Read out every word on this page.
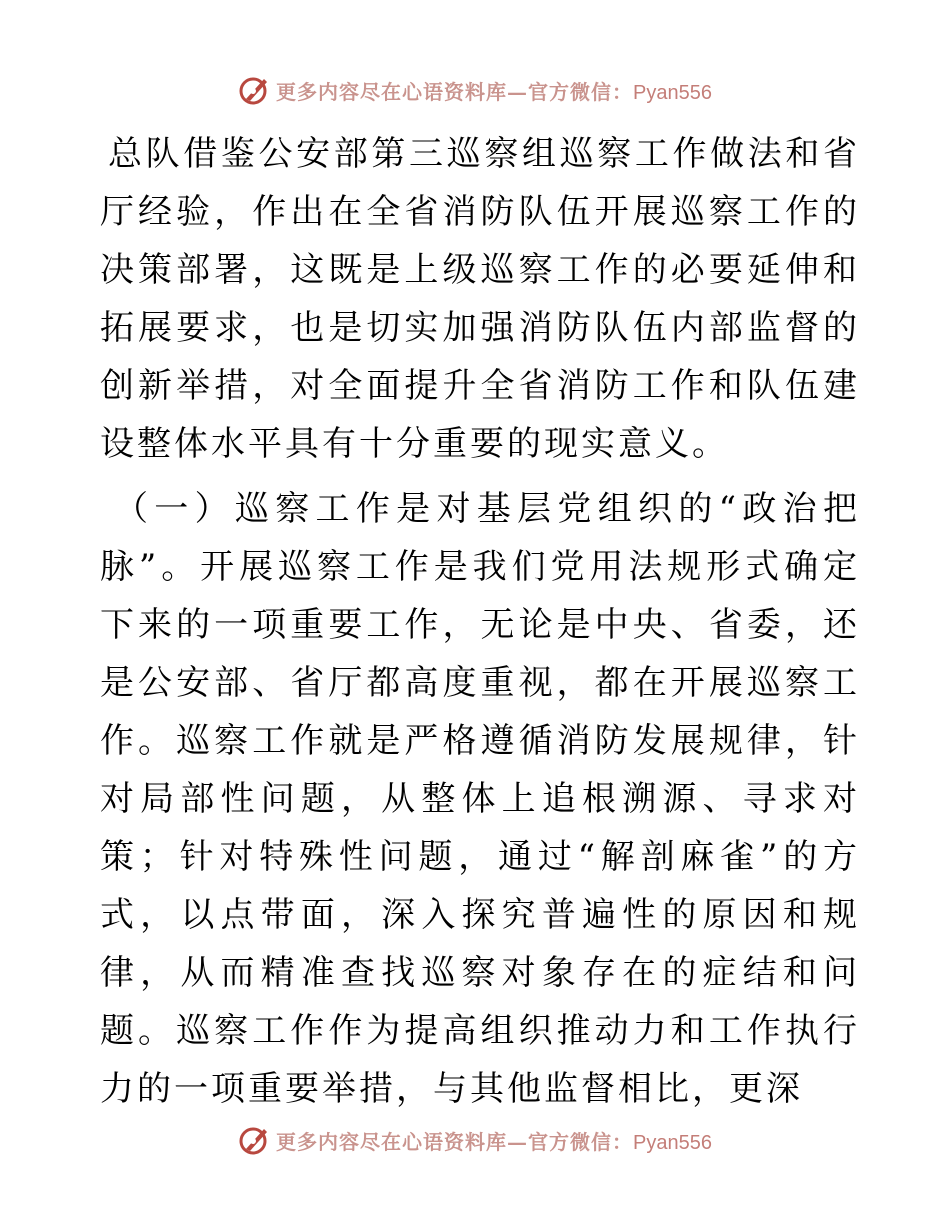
更多内容尽在心语资料库—官方微信：Pyan556

总队借鉴公安部第三巡察组巡察工作做法和省厅经验，作出在全省消防队伍开展巡察工作的决策部署，这既是上级巡察工作的必要延伸和拓展要求，也是切实加强消防队伍内部监督的创新举措，对全面提升全省消防工作和队伍建设整体水平具有十分重要的现实意义。

（一）巡察工作是对基层党组织的“政治把脉”。开展巡察工作是我们党用法规形式确定下来的一项重要工作，无论是中央、省委，还是公安部、省厅都高度重视，都在开展巡察工作。巡察工作就是严格遵循消防发展规律，针对局部性问题，从整体上追根溯源、寻求对策；针对特殊性问题，通过“解剖麻雀”的方式，以点带面，深入探究普遍性的原因和规律，从而精准查找巡察对象存在的症结和问题。巡察工作作为提高组织推动力和工作执行力的一项重要举措，与其他监督相比，更深

更多内容尽在心语资料库—官方微信：Pyan556
